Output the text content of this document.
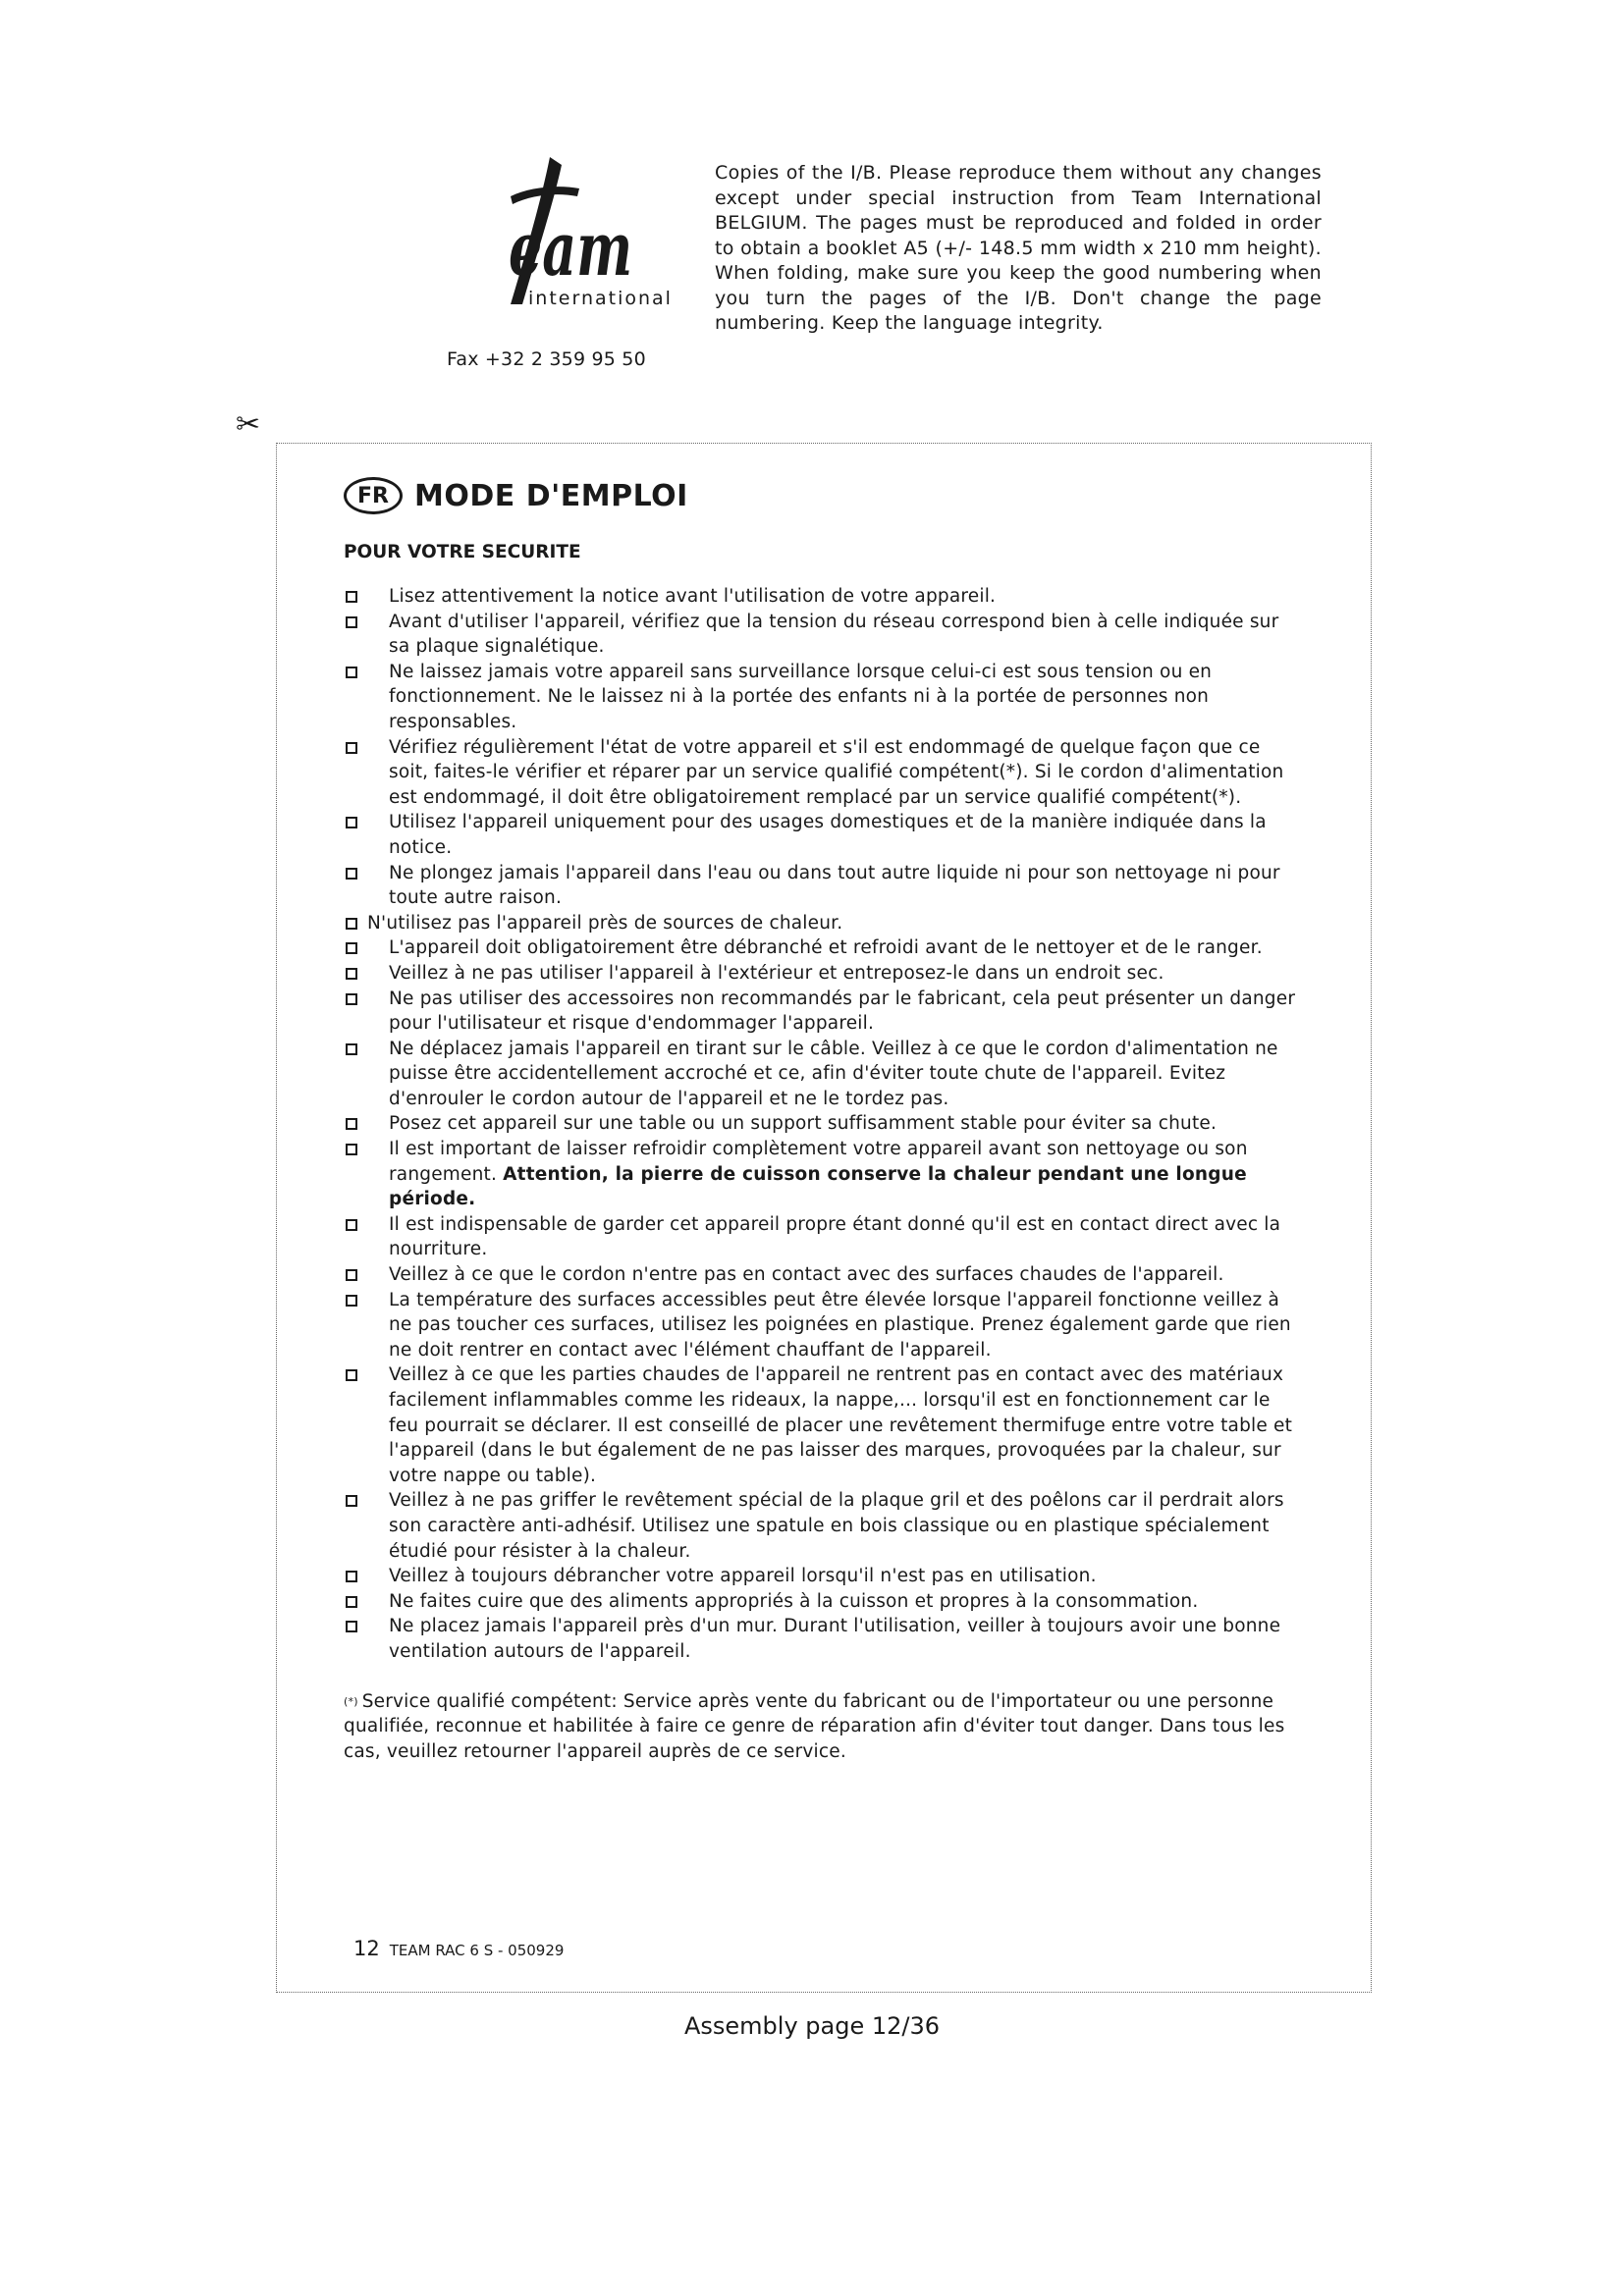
eam
international
Fax +32 2 359 95 50
Copies of the I/B. Please reproduce them without any changes except under special instruction from Team International BELGIUM. The pages must be reproduced and folded in order to obtain a booklet A5 (+/- 148.5 mm width x 210 mm height). When folding, make sure you keep the good numbering when you turn the pages of the I/B. Don't change the page numbering. Keep the language integrity.
✂
FR MODE D'EMPLOI
POUR VOTRE SECURITE
Lisez attentivement la notice avant l'utilisation de votre appareil.
Avant d'utiliser l'appareil, vérifiez que la tension du réseau correspond bien à celle indiquée sur sa plaque signalétique.
Ne laissez jamais votre appareil sans surveillance lorsque celui-ci est sous tension ou en fonctionnement. Ne le laissez ni à la portée des enfants ni à la portée de personnes non responsables.
Vérifiez régulièrement l'état de votre appareil et s'il est endommagé de quelque façon que ce soit, faites-le vérifier et réparer par un service qualifié compétent(*). Si le cordon d'alimentation est endommagé, il doit être obligatoirement remplacé par un service qualifié compétent(*).
Utilisez l'appareil uniquement pour des usages domestiques et de la manière indiquée dans la notice.
Ne plongez jamais l'appareil dans l'eau ou dans tout autre liquide ni pour son nettoyage ni pour toute autre raison.
N'utilisez pas l'appareil près de sources de chaleur.
L'appareil doit obligatoirement être débranché et refroidi avant de le nettoyer et de le ranger.
Veillez à ne pas utiliser l'appareil à l'extérieur et entreposez-le dans un endroit sec.
Ne pas utiliser des accessoires non recommandés par le fabricant, cela peut présenter un danger pour l'utilisateur et risque d'endommager l'appareil.
Ne déplacez jamais l'appareil en tirant sur le câble. Veillez à ce que le cordon d'alimentation ne puisse être accidentellement accroché et ce, afin d'éviter toute chute de l'appareil. Evitez d'enrouler le cordon autour de l'appareil et ne le tordez pas.
Posez cet appareil sur une table ou un support suffisamment stable pour éviter sa chute.
Il est important de laisser refroidir complètement votre appareil avant son nettoyage ou son rangement. Attention, la pierre de cuisson conserve la chaleur pendant une longue période.
Il est indispensable de garder cet appareil propre étant donné qu'il est en contact direct avec la nourriture.
Veillez à ce que le cordon n'entre pas en contact avec des surfaces chaudes de l'appareil.
La température des surfaces accessibles peut être élevée lorsque l'appareil fonctionne veillez à ne pas toucher ces surfaces, utilisez les poignées en plastique. Prenez également garde que rien ne doit rentrer en contact avec l'élément chauffant de l'appareil.
Veillez à ce que les parties chaudes de l'appareil ne rentrent pas en contact avec des matériaux facilement inflammables comme les rideaux, la nappe,... lorsqu'il est en fonctionnement car le feu pourrait se déclarer. Il est conseillé de placer une revêtement thermifuge entre votre table et l'appareil (dans le but également de ne pas laisser des marques, provoquées par la chaleur, sur votre nappe ou table).
Veillez à ne pas griffer le revêtement spécial de la plaque gril et des poêlons car il perdrait alors son caractère anti-adhésif. Utilisez une spatule en bois classique ou en plastique spécialement étudié pour résister à la chaleur.
Veillez à toujours débrancher votre appareil lorsqu'il n'est pas en utilisation.
Ne faites cuire que des aliments appropriés à la cuisson et propres à la consommation.
Ne placez jamais l'appareil près d'un mur. Durant l'utilisation, veiller à toujours avoir une bonne ventilation autours de l'appareil.
(*) Service qualifié compétent: Service après vente du fabricant ou de l'importateur ou une personne qualifiée, reconnue et habilitée à faire ce genre de réparation afin d'éviter tout danger. Dans tous les cas, veuillez retourner l'appareil auprès de ce service.
12 TEAM RAC 6 S - 050929
Assembly page 12/36
